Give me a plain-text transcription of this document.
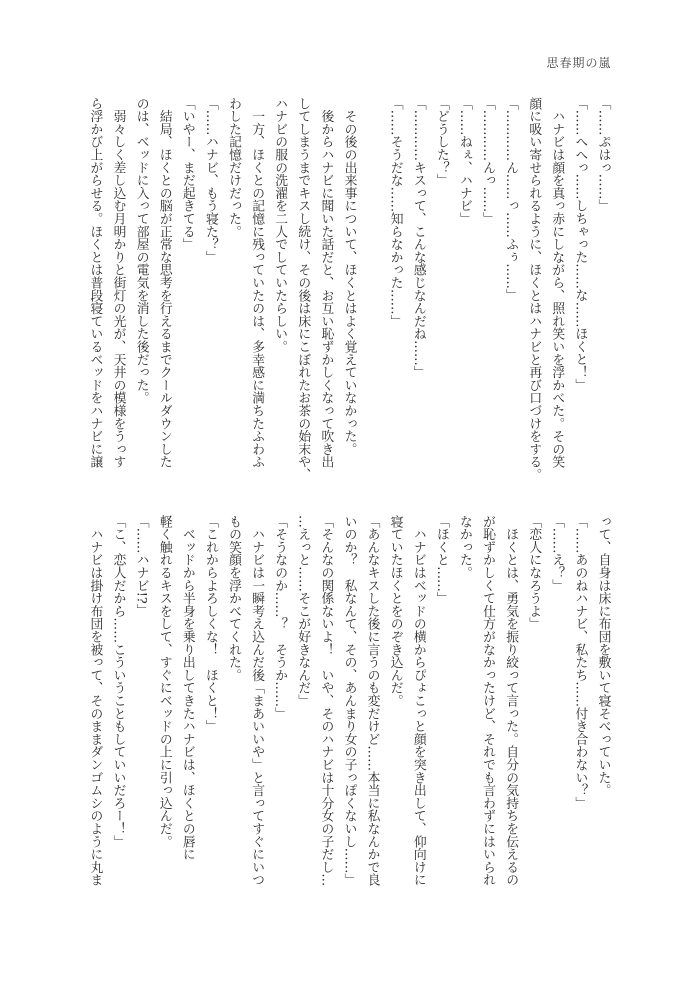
思春期の嵐
「……ぷはっ……」
「……へへっ……しちゃった……な……ほくと！」
　ハナビは顔を真っ赤にしながら、照れ笑いを浮かべた。その笑
顔に吸い寄せられるように、ほくとはハナビと再び口づけをする。
「…………ん……っ……ふぅ……」
「…………んっ……」
「……ねぇ、ハナビ」
「どうした？」
「…………キスって、こんな感じなんだね……」
「……そうだな……知らなかった……」
　その後の出来事について、ほくとはよく覚えていなかった。
　後からハナビに聞いた話だと、お互い恥ずかしくなって吹き出
してしまうまでキスし続け、その後は床にこぼれたお茶の始末や、
ハナビの服の洗濯を二人でしていたらしい。
　一方、ほくとの記憶に残っていたのは、多幸感に満ちたふわふ
わした記憶だけだった。
「……ハナビ、もう寝た？」
「いやー、まだ起きてる」
　結局、ほくとの脳が正常な思考を行えるまでクールダウンした
のは、ベッドに入って部屋の電気を消した後だった。
　弱々しく差し込む月明かりと街灯の光が、天井の模様をうっす
ら浮かび上がらせる。ほくとは普段寝ているベッドをハナビに譲
って、自身は床に布団を敷いて寝そべっていた。
「……あのねハナビ、私たち……付き合わない？」
「……え？」
「恋人になろうよ」
　ほくとは、勇気を振り絞って言った。自分の気持ちを伝えるの
が恥ずかしくて仕方がなかったけど、それでも言わずにはいられ
なかった。
「ほくと……」
　ハナビはベッドの横からぴょこっと顔を突き出して、仰向けに
寝ていたほくとをのぞき込んだ。
「あんなキスした後に言うのも変だけど……本当に私なんかで良
いのか？　私なんて、その、あんまり女の子っぽくないし……」
「そんなの関係ないよ！　いや、そのハナビは十分女の子だし…
…えっと……そこが好きなんだ」
「そうなのか……？　そうか……」
　ハナビは一瞬考え込んだ後「まあいいや」と言ってすぐにいつ
もの笑顔を浮かべてくれた。
「これからよろしくな！　ほくと！」
　ベッドから半身を乗り出してきたハナビは、ほくとの唇に
軽く触れるキスをして、すぐにベッドの上に引っ込んだ。
「……ハナビ!?」
「こ、恋人だから……こういうこともしていいだろー！」
　ハナビは掛け布団を被って、そのままダンゴムシのように丸ま
